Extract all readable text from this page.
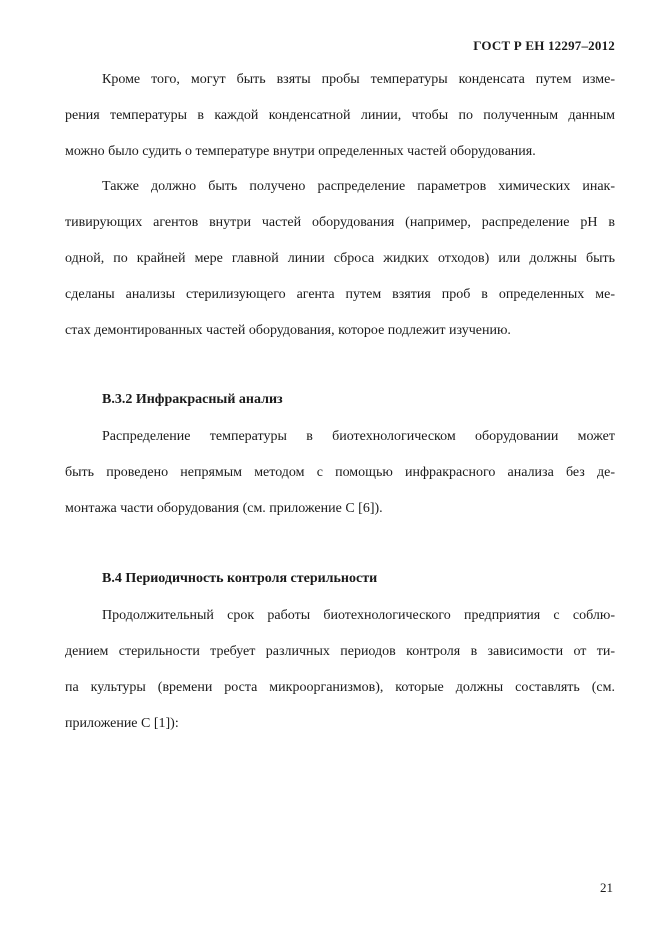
ГОСТ Р ЕН 12297–2012
Кроме того, могут быть взяты пробы температуры конденсата путем изме-
рения температуры в каждой конденсатной линии, чтобы по полученным данным
можно было судить о температуре внутри определенных частей оборудования.
Также должно быть получено распределение параметров химических инак-
тивирующих агентов внутри частей оборудования (например, распределение рН в
одной, по крайней мере главной линии сброса жидких отходов) или должны быть
сделаны анализы стерилизующего агента путем взятия проб в определенных ме-
стах демонтированных частей оборудования, которое подлежит изучению.
В.3.2 Инфракрасный анализ
Распределение температуры в биотехнологическом оборудовании может
быть проведено непрямым методом с помощью инфракрасного анализа без де-
монтажа части оборудования (см. приложение С [6]).
В.4 Периодичность контроля стерильности
Продолжительный срок работы биотехнологического предприятия с соблю-
дением стерильности требует различных периодов контроля в зависимости от ти-
па культуры (времени роста микроорганизмов), которые должны составлять (см.
приложение С [1]):
21
